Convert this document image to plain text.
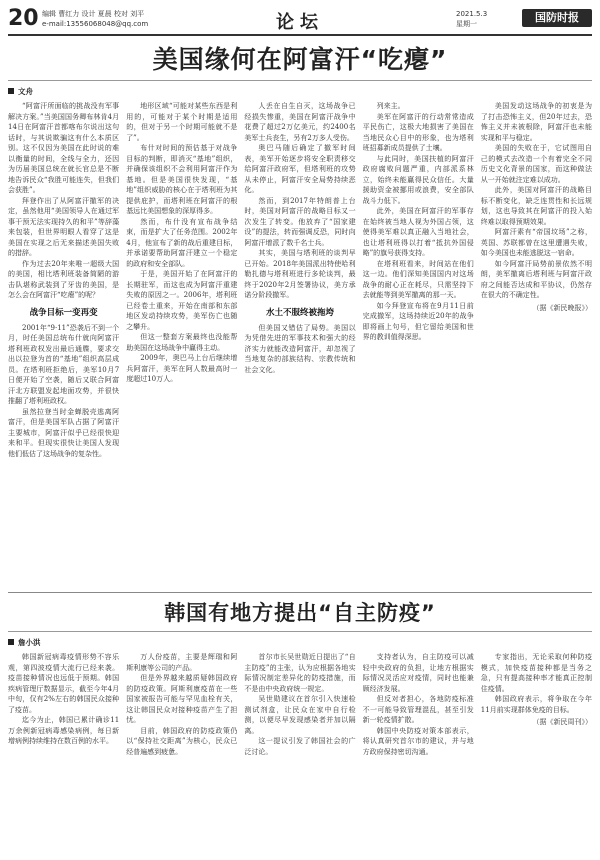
20 编辑 曹红力 设计 夏晨 校对 刘平
e-mail:13556068048@qq.com	论坛	2021.5.3
星期一	国防时报
美国缘何在阿富汗“吃瘪”
文舟

“阿富汗所面临的挑战没有军事解决方案。”当美国国务卿布林肯4月14日在阿富汗首都喀布尔说出这句话时，与其说欺骗这有什么本质区别。这不仅因为美国在此时说的难以衡量的时间，全线与全力，还因为历届美国总统在就长官总是不断地告诉民众“我胜可能连失，但我们会获胜”。

拜登作出了从阿富汗撤军的决定，虽然他用“美国领导人在通过军事干预无法实现持久的和平”等辞藻来包装，但世界明眼人看穿了这是美国在实现之后无来描述美国失败的措辞。

作为过去20年来唯一超级大国的美国，相比塔利班装备简陋的游击队堪称武装到了牙齿的美国，是怎么会在阿富汗“吃瘪”的呢？

战争目标一变再变

2001年“9·11”恐袭后不到一个月，时任美国总统布什就向阿富汗塔利班政权发出最后通牒，要求交出以拉登为首的“基地”组织高层成员。在塔利班拒绝后，美军10月7日便开始了空袭，随后又联合阿富汗北方联盟发起地面攻势，并很快推翻了塔利班政权。

虽然拉登当时金蝉脱壳逃离阿富汗，但是美国军队占据了阿富汗主要城市，阿富汗似乎已经很快迎来和平。但现实很快让美国人发现他们低估了这场战争的复杂性。

地形区域“可能对某些东西是利用的，可能对于某个时期是适用的，但对于另一个时期可能就不是了”。

布什对时间的预估基于对战争目标的判断，即消灭“基地”组织，并确保该组织不会利用阿富汗作为基地。但是美国很快发现，“基地”组织威胁的核心在于塔利班为其提供庇护，而塔利班在阿富汗的根基远比美国想象的深厚得多。

然而，布什没有宣布战争结束，而是扩大了任务范围。2002年4月，他宣布了新的战后重建目标，并承诺要帮助阿富汗建立一个稳定的政府和安全部队。

于是，美国开始了在阿富汗的长期驻军，而这也成为阿富汗重建失败的原因之一。2006年，塔利班已经卷土重来，开始在南部和东部地区发动持续攻势，美军伤亡也随之攀升。

但这一整套方案最终也没能帮助美国在这场战争中赢得主动。

2009年，奥巴马上台后继续增兵阿富汗，美军在阿人数最高时一度超过10万人。

人丢在自生自灭，这场战争已经损失惨重，美国在阿富汗战争中花费了超过2万亿美元，约2400名美军士兵丧生，另有2万多人受伤。

奥巴马随后确定了撤军时间表，美军开始逐步将安全职责移交给阿富汗政府军，但塔利班的攻势从未停止，阿富汗安全局势持续恶化。

然而，到2017年特朗普上台时，美国对阿富汗的战略目标又一次发生了转变。他放弃了“国家建设”的提法，转而强调反恐，同时向阿富汗增派了数千名士兵。

其实，美国与塔利班的谈判早已开始。2018年美国派出特使哈利勒扎德与塔利班进行多轮谈判，最终于2020年2月签署协议，美方承诺分阶段撤军。

水土不服终被拖垮

但美国又错估了局势。美国以为凭借先进的军事技术和强大的经济实力就能改造阿富汗，却忽视了当地复杂的部族结构、宗教传统和社会文化。

列来主。

美军在阿富汗的行动常常造成平民伤亡，这极大地损害了美国在当地民众心目中的形象，也为塔利班招募新成员提供了土壤。

与此同时，美国扶植的阿富汗政府腐败问题严重，内部派系林立，始终未能赢得民众信任。大量援助资金被挪用或浪费，安全部队战斗力低下。

此外，美国在阿富汗的军事存在始终被当地人视为外国占领，这使得美军难以真正融入当地社会，也让塔利班得以打着“抵抗外国侵略”的旗号获得支持。

在塔利班看来，时间站在他们这一边。他们深知美国国内对这场战争的耐心正在耗尽，只需坚持下去就能等到美军撤离的那一天。

如今拜登宣布将在9月11日前完成撤军，这场持续近20年的战争即将画上句号，但它留给美国和世界的教训值得深思。

美国发动这场战争的初衷是为了打击恐怖主义，但20年过去，恐怖主义并未被根除，阿富汗也未能实现和平与稳定。

美国的失败在于，它试图用自己的模式去改造一个有着完全不同历史文化背景的国家，而这种做法从一开始就注定难以成功。

此外，美国对阿富汗的战略目标不断变化，缺乏连贯性和长远规划，这也导致其在阿富汗的投入始终难以取得预期效果。

阿富汗素有“帝国坟场”之称，英国、苏联都曾在这里遭遇失败，如今美国也未能逃脱这一宿命。

如今阿富汗局势前景依然不明朗，美军撤离后塔利班与阿富汗政府之间能否达成和平协议，仍然存在很大的不确定性。

（据《新民晚报》）
韩国有地方提出“自主防疫”
詹小洪

韩国新冠病毒疫情形势不容乐观，第四波疫情大流行已经来袭。疫苗接种情况也远低于预期。韩国疾病管理厅数据显示，截至今年4月中旬，仅有2%左右的韩国民众接种了疫苗。

迄今为止，韩国已累计确诊11万余例新冠病毒感染病例，每日新增病例持续维持在数百例的水平。

万人份疫苗，主要是辉瑞和阿斯利康等公司的产品。

但是外界越来越质疑韩国政府的防疫政策。阿斯利康疫苗在一些国家被报告可能与罕见血栓有关，这让韩国民众对接种疫苗产生了担忧。

目前，韩国政府的防疫政策仍以“保持社交距离”为核心，民众已经普遍感到疲惫。

首尔市长吴世勋近日提出了“自主防疫”的主张，认为应根据各地实际情况制定差异化的防疫措施，而不是由中央政府统一规定。

吴世勋建议在首尔引入快速检测试剂盒，让民众在家中自行检测，以便尽早发现感染者并加以隔离。

这一提议引发了韩国社会的广泛讨论。

支持者认为，自主防疫可以减轻中央政府的负担，让地方根据实际情况灵活应对疫情，同时也能兼顾经济发展。

但反对者担心，各地防疫标准不一可能导致管理混乱，甚至引发新一轮疫情扩散。

韩国中央防疫对策本部表示，将认真研究首尔市的建议，并与地方政府保持密切沟通。

专家指出，无论采取何种防疫模式，加快疫苗接种都是当务之急，只有提高接种率才能真正控制住疫情。

韩国政府表示，将争取在今年11月前实现群体免疫的目标。

（据《新民周刊》）
